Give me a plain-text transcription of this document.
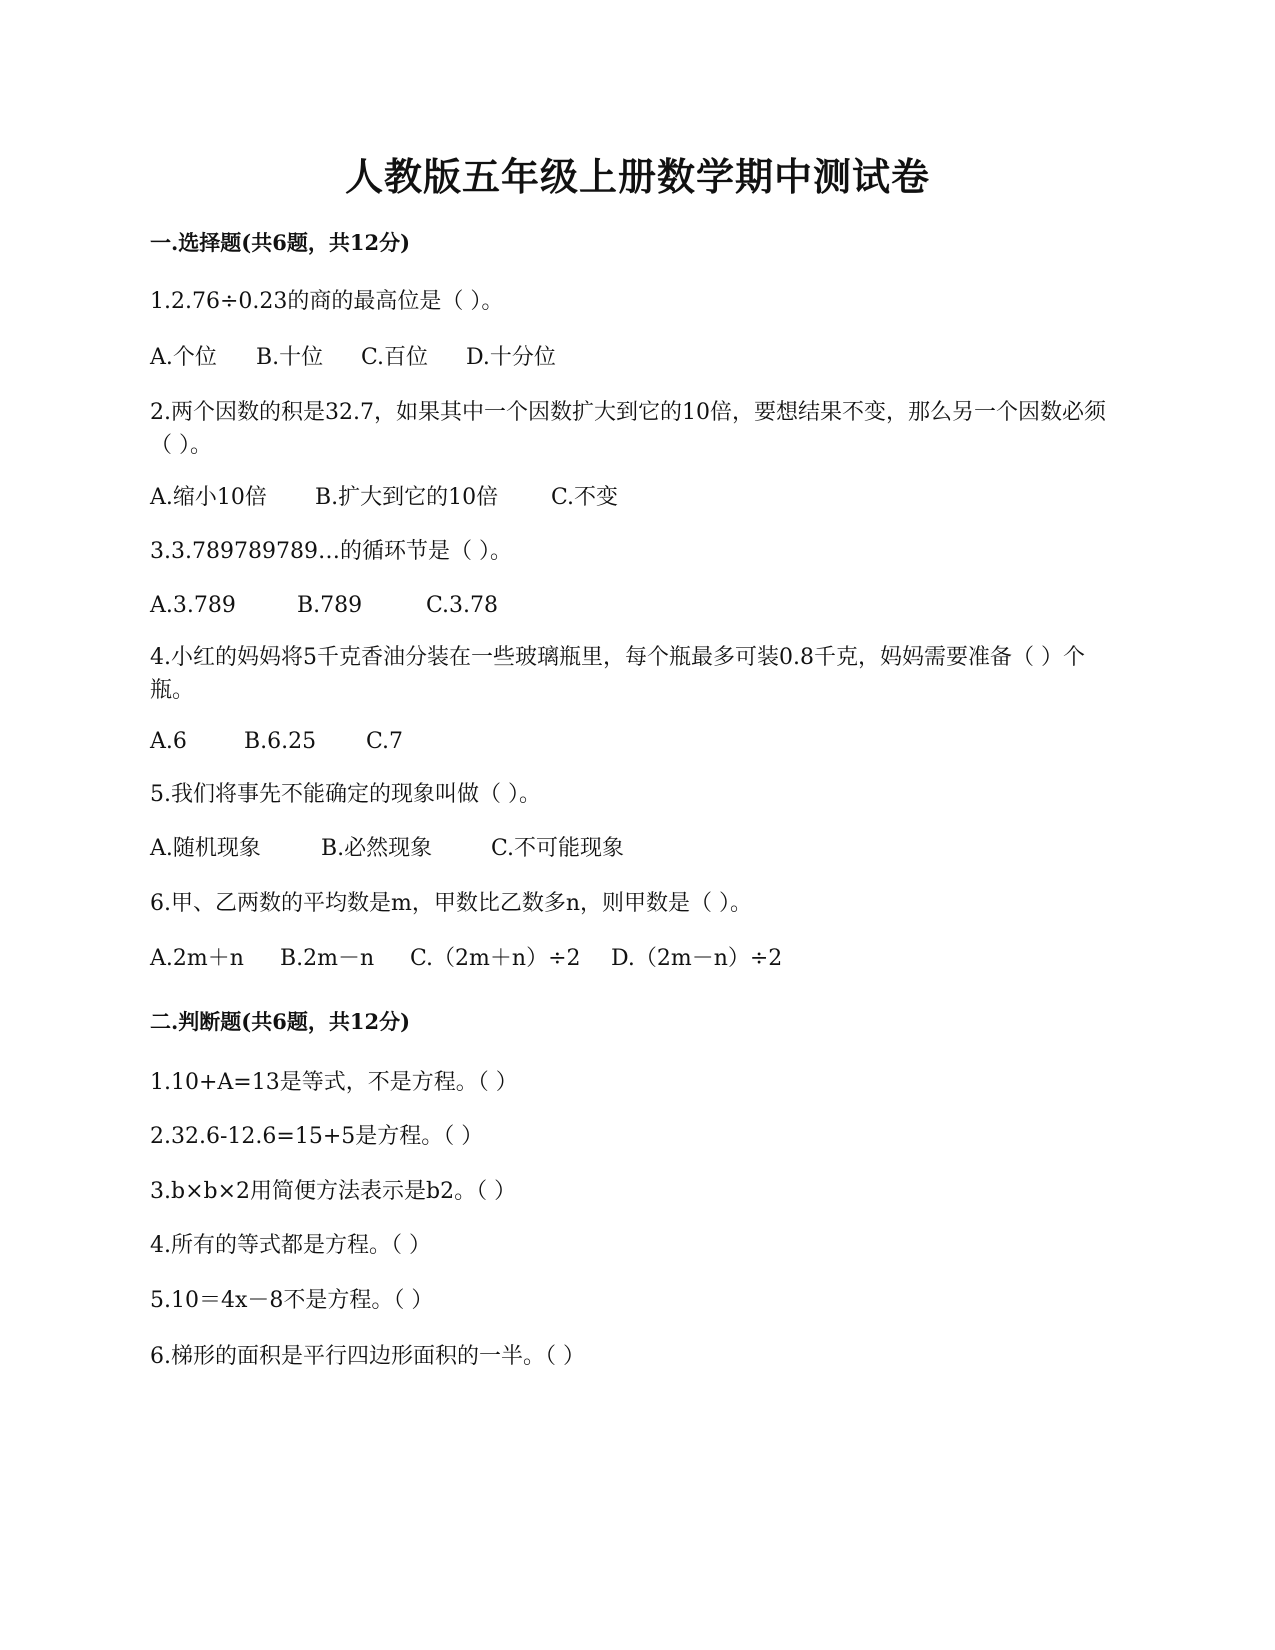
人教版五年级上册数学期中测试卷
一.选择题(共6题，共12分)
1.2.76÷0.23的商的最高位是（ ）。
A.个位 B.十位 C.百位 D.十分位
2.两个因数的积是32.7，如果其中一个因数扩大到它的10倍，要想结果不变，那么另一个因数必须（ ）。
A.缩小10倍 B.扩大到它的10倍 C.不变
3.3.789789789…的循环节是（ ）。
A.3.789	B.789	C.3.78
4.小红的妈妈将5千克香油分装在一些玻璃瓶里，每个瓶最多可装0.8千克，妈妈需要准备（ ）个瓶。
A.6	B.6.25 C.7
5.我们将事先不能确定的现象叫做（ ）。
A.随机现象	B.必然现象	C.不可能现象
6.甲、乙两数的平均数是m，甲数比乙数多n，则甲数是（ ）。
A.2m＋n B.2m－n C.（2m＋n）÷2 D.（2m－n）÷2
二.判断题(共6题，共12分)
1.10+A=13是等式，不是方程。（ ）
2.32.6-12.6=15+5是方程。（ ）
3.b×b×2用简便方法表示是b2。（ ）
4.所有的等式都是方程。（ ）
5.10＝4x－8不是方程。（ ）
6.梯形的面积是平行四边形面积的一半。（ ）
